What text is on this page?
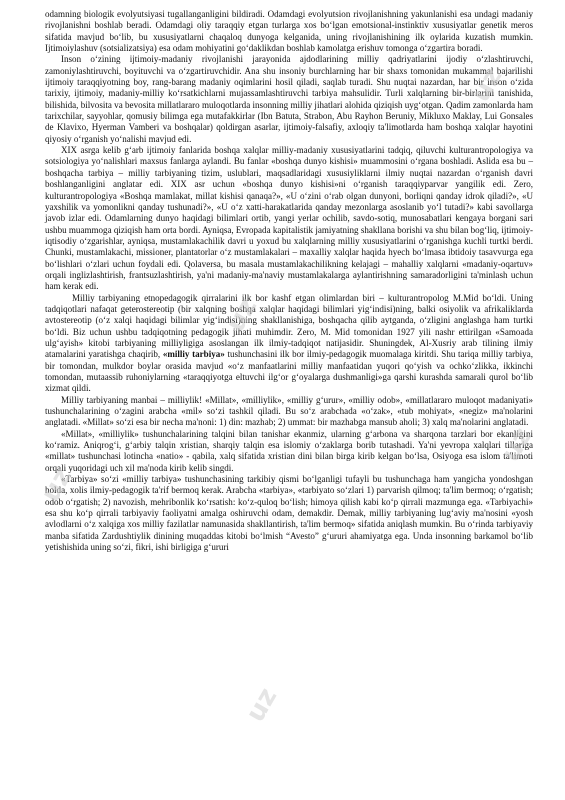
odamning biologik evolyutsiyasi tugallanganligini bildiradi. Odamdagi evolyutsion rivojlanishning yakunlanishi esa undagi madaniy rivojlanishni boshlab beradi. Odamdagi oliy taraqqiy etgan turlarga xos bo‘lgan emotsional-instinktiv xususiyatlar genetik meros sifatida mavjud bo‘lib, bu xususiyatlarni chaqaloq dunyoga kelganida, uning rivojlanishining ilk oylarida kuzatish mumkin. Ijtimoiylashuv (sotsializatsiya) esa odam mohiyatini go‘daklikdan boshlab kamolatga erishuv tomonga o‘zgartira boradi.

Inson o‘zining ijtimoiy-madaniy rivojlanishi jarayonida ajdodlarining milliy qadriyatlarini ijodiy o‘zlashtiruvchi, zamoniylashtiruvchi, boyituvchi va o‘zgartiruvchidir. Ana shu insoniy burchlarning har bir shaxs tomonidan mukammal bajarilishi ijtimoiy taraqqiyotning boy, rang-barang madaniy oqimlarini hosil qiladi, saqlab turadi. Shu nuqtai nazardan, har bir inson o‘zida tarixiy, ijtimoiy, madaniy-milliy ko‘rsatkichlarni mujassamlashtiruvchi tarbiya mahsulidir. Turli xalqlarning bir-birlarini tanishida, bilishida, bilvosita va bevosita millatlararo muloqotlarda insonning milliy jihatlari alohida qiziqish uyg‘otgan. Qadim zamonlarda ham tarixchilar, sayyohlar, qomusiy bilimga ega mutafakkirlar (Ibn Batuta, Strabon, Abu Rayhon Beruniy, Mikluxo Maklay, Lui Gonsales de Klavixo, Hyerman Vamberi va boshqalar) qoldirgan asarlar, ijtimoiy-falsafiy, axloqiy ta'limotlarda ham boshqa xalqlar hayotini qiyosiy o‘rganish yo‘nalishi mavjud edi.

XIX asrga kelib g‘arb ijtimoiy fanlarida boshqa xalqlar milliy-madaniy xususiyatlarini tadqiq, qiluvchi kulturantropologiya va sotsiologiya yo‘nalishlari maxsus fanlarga aylandi. Bu fanlar «boshqa dunyo kishisi» muammosini o‘rgana boshladi. Aslida esa bu – boshqacha tarbiya – milliy tarbiyaning tizim, uslublari, maqsadlaridagi xususiyliklarni ilmiy nuqtai nazardan o‘rganish davri boshlanganligini anglatar edi. XIX asr uchun «boshqa dunyo kishisi»ni o‘rganish taraqqiyparvar yangilik edi. Zero, kulturantropologiya «Boshqa mamlakat, millat kishisi qanaqa?», «U o‘zini o‘rab olgan dunyoni, borliqni qanday idrok qiladi?», «U yaxshilik va yomonlikni qanday tushunadi?», «U o‘z xatti-harakatlarida qanday mezonlarga asoslanib yo‘l tutadi?» kabi savollarga javob izlar edi. Odamlarning dunyo haqidagi bilimlari ortib, yangi yerlar ochilib, savdo-sotiq, munosabatlari kengaya borgani sari ushbu muammoga qiziqish ham orta bordi. Ayniqsa, Evropada kapitalistik jamiyatning shakllana borishi va shu bilan bog‘liq, ijtimoiy-iqtisodiy o‘zgarishlar, ayniqsa, mustamlakachilik davri u yoxud bu xalqlarning milliy xususiyatlarini o‘rganishga kuchli turtki berdi. Chunki, mustamlakachi, missioner, plantatorlar o‘z mustamlakalari – maxalliy xalqlar haqida hyech bo‘lmasa ibtidoiy tasavvurga ega bo‘lishlari o‘zlari uchun foydali edi. Qolaversa, bu masala mustamlakachilikning kelajagi – mahalliy xalqlarni «madaniy-oqartuv» orqali inglizlashtirish, frantsuzlashtirish, ya'ni madaniy-ma'naviy mustamlakalarga aylantirishning samaradorligini ta'minlash uchun ham kerak edi.

Milliy tarbiyaning etnopedagogik qirralarini ilk bor kashf etgan olimlardan biri – kulturantropolog M.Mid bo‘ldi. Uning tadqiqotlari nafaqat geterostereotip (bir xalqning boshqa xalqlar haqidagi bilimlari yig‘indisi)ning, balki osiyolik va afrikaliklarda avtostereotip (o‘z xalqi haqidagi bilimlar yig‘indisi)ning shakllanishiga, boshqacha qilib aytganda, o‘zligini anglashga ham turtki bo‘ldi. Biz uchun ushbu tadqiqotning pedagogik jihati muhimdir. Zero, M. Mid tomonidan 1927 yili nashr ettirilgan «Samoada ulg‘ayish» kitobi tarbiyaning milliyligiga asoslangan ilk ilmiy-tadqiqot natijasidir. Shuningdek, Al-Xusriy arab tilining ilmiy atamalarini yaratishga chaqirib, «milliy tarbiya» tushunchasini ilk bor ilmiy-pedagogik muomalaga kiritdi. Shu tariqa milliy tarbiya, bir tomondan, mulkdor boylar orasida mavjud «o‘z manfaatlarini milliy manfaatidan yuqori qo‘yish va ochko‘zlikka, ikkinchi tomondan, mutaassib ruhoniylarning «taraqqiyotga eltuvchi ilg‘or g‘oyalarga dushmanligi»ga qarshi kurashda samarali qurol bo‘lib xizmat qildi.

Milliy tarbiyaning manbai – milliylik! «Millat», «milliylik», «milliy g‘urur», «milliy odob», «millatlararo muloqot madaniyati» tushunchalarining o‘zagini arabcha «mil» so‘zi tashkil qiladi. Bu so‘z arabchada «o‘zak», «tub mohiyat», «negiz» ma'nolarini anglatadi. «Millat» so‘zi esa bir necha ma'noni: 1) din: mazhab; 2) ummat: bir mazhabga mansub aholi; 3) xalq ma'nolarini anglatadi.

«Millat», «milliylik» tushunchalarining talqini bilan tanishar ekanmiz, ularning g‘arbona va sharqona tarzlari bor ekanligini ko‘ramiz. Aniqrog‘i, g‘arbiy talqin xristian, sharqiy talqin esa islomiy o‘zaklarga borib tutashadi. Ya'ni yevropa xalqlari tillariga «millat» tushunchasi lotincha «natio» - qabila, xalq sifatida xristian dini bilan birga kirib kelgan bo‘lsa, Osiyoga esa islom ta'limoti orqali yuqoridagi uch xil ma'noda kirib kelib singdi.

«Tarbiya» so‘zi «milliy tarbiya» tushunchasining tarkibiy qismi bo‘lganligi tufayli bu tushunchaga ham yangicha yondoshgan holda, xolis ilmiy-pedagogik ta'rif bermoq kerak. Arabcha «tarbiya», «tarbiyato so‘zlari 1) parvarish qilmoq; ta'lim bermoq; o‘rgatish; odob o‘rgatish; 2) navozish, mehribonlik ko‘rsatish: ko‘z-quloq bo‘lish; himoya qilish kabi ko‘p qirrali mazmunga ega. «Tarbiyachi» esa shu ko‘p qirrali tarbiyaviy faoliyatni amalga oshiruvchi odam, demakdir. Demak, milliy tarbiyaning lug‘aviy ma'nosini «yosh avlodlarni o‘z xalqiga xos milliy fazilatlar namunasida shakllantirish, ta'lim bermoq» sifatida aniqlash mumkin. Bu o‘rinda tarbiyaviy manba sifatida Zardushtiylik dinining muqaddas kitobi bo‘lmish “Avesto” g‘ururi ahamiyatga ega. Unda insonning barkamol bo‘lib yetishishida uning so‘zi, fikri, ishi birligiga g‘ururi

uz
uz
uz
uz
uz
